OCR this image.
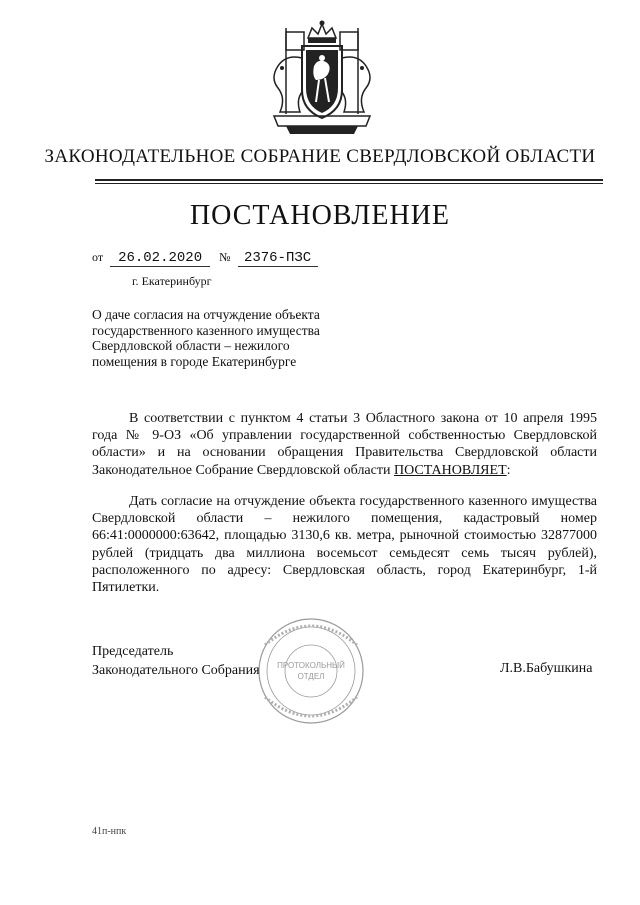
ЗАКОНОДАТЕЛЬНОЕ СОБРАНИЕ СВЕРДЛОВСКОЙ ОБЛАСТИ
ПОСТАНОВЛЕНИЕ
от 26.02.2020 № 2376-ПЗС
г. Екатеринбург
О даче согласия на отчуждение объекта государственного казенного имущества Свердловской области – нежилого помещения в городе Екатеринбурге
В соответствии с пунктом 4 статьи 3 Областного закона от 10 апреля 1995 года № 9-ОЗ «Об управлении государственной собственностью Свердловской области» и на основании обращения Правительства Свердловской области Законодательное Собрание Свердловской области ПОСТАНОВЛЯЕТ:
Дать согласие на отчуждение объекта государственного казенного имущества Свердловской области – нежилого помещения, кадастровый номер 66:41:0000000:63642, площадью 3130,6 кв. метра, рыночной стоимостью 32877000 рублей (тридцать два миллиона восемьсот семьдесят семь тысяч рублей), расположенного по адресу: Свердловская область, город Екатеринбург, 1-й Пятилетки.
Председатель
Законодательного Собрания ПРОТОКОЛЬНЫЙ
ОТДЕЛ
Л.В.Бабушкина
41п-нпк
